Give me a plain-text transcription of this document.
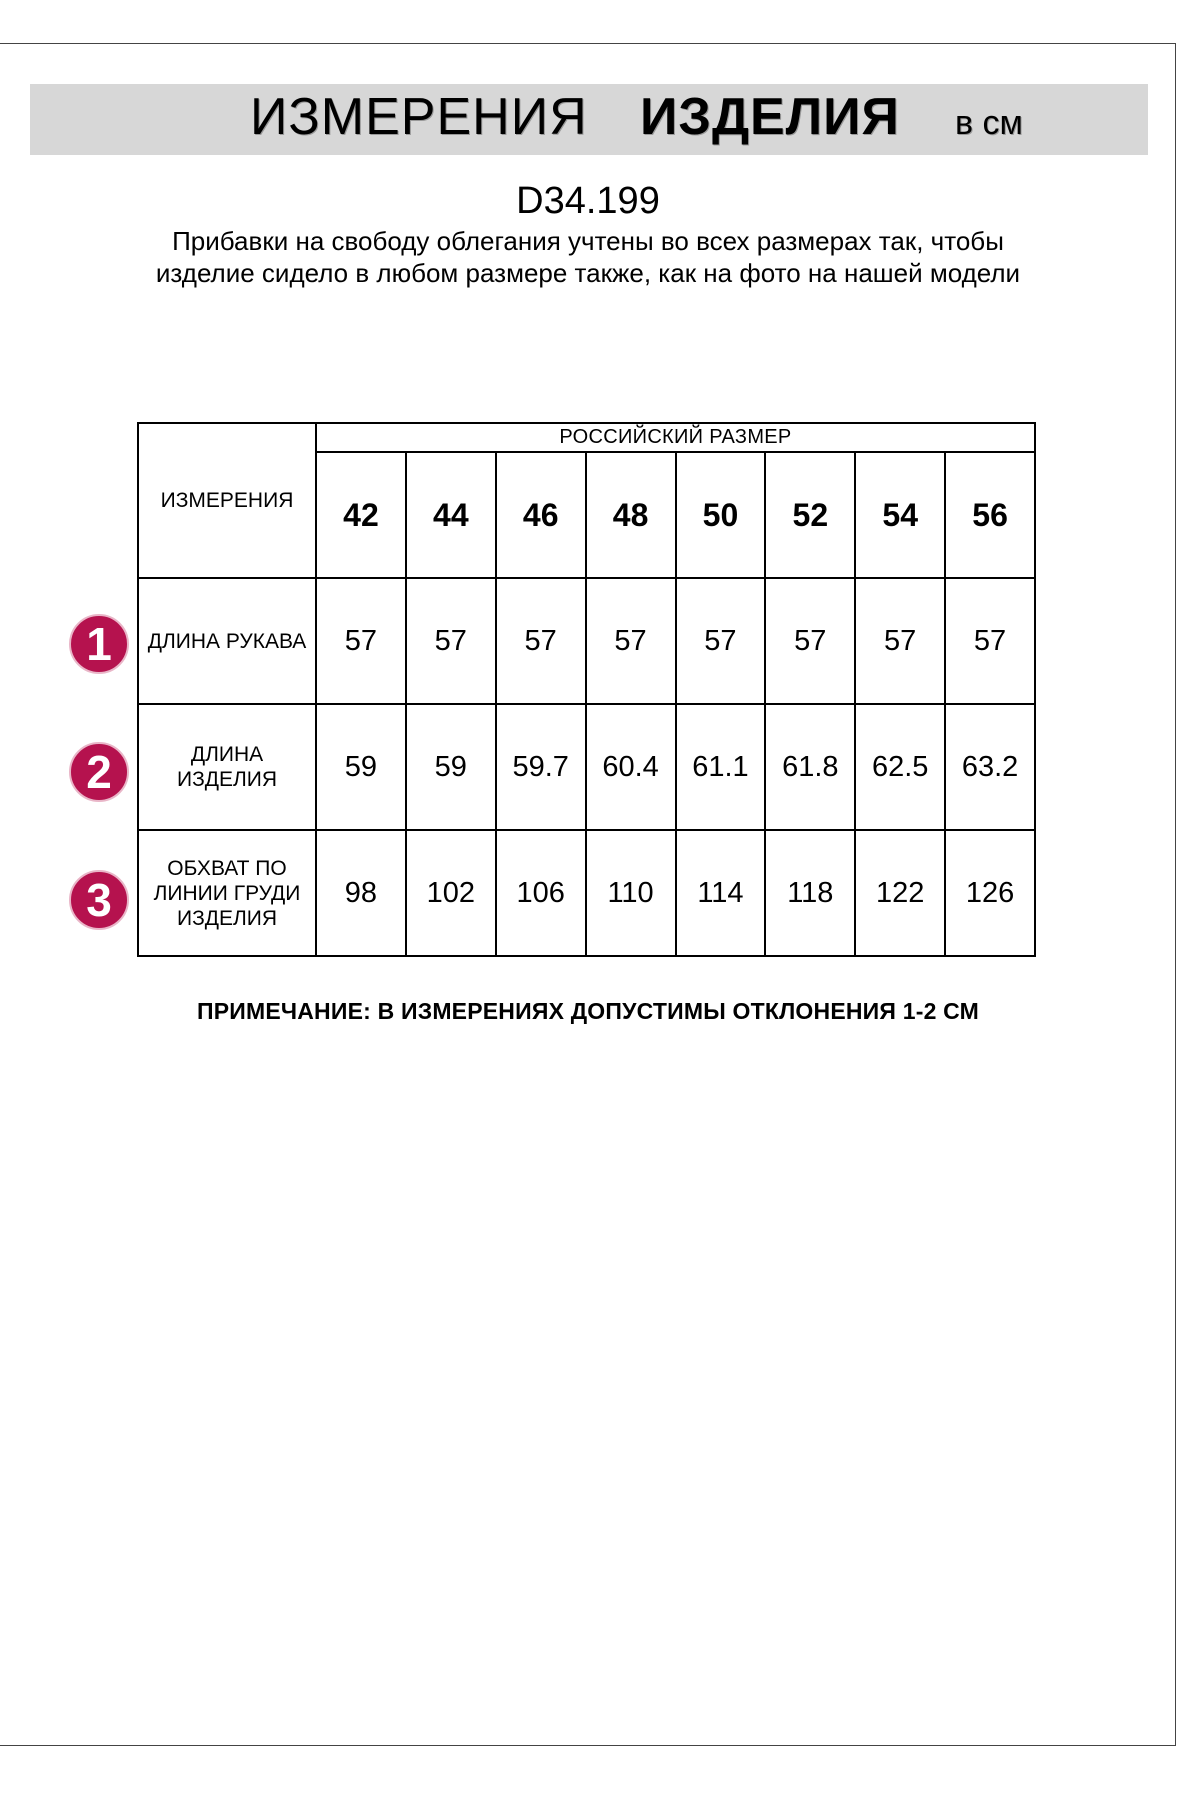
ИЗМЕРЕНИЯ ИЗДЕЛИЯ в см
D34.199
Прибавки на свободу облегания учтены во всех размерах так, чтобы изделие сидело в любом размере также, как на фото на нашей модели
ИЗМЕРЕНИЯ	РОССИЙСКИЙ РАЗМЕР							
	42	44	46	48	50	52	54	56
ДЛИНА РУКАВА	57	57	57	57	57	57	57	57

ДЛИНА ИЗДЕЛИЯ	59	59	59.7	60.4	61.1	61.8	62.5	63.2

ОБХВАТ ПО ЛИНИИ ГРУДИ ИЗДЕЛИЯ	98	102	106	110	114	118	122	126
1
2
3
ПРИМЕЧАНИЕ: В ИЗМЕРЕНИЯХ ДОПУСТИМЫ ОТКЛОНЕНИЯ 1-2 СМ
